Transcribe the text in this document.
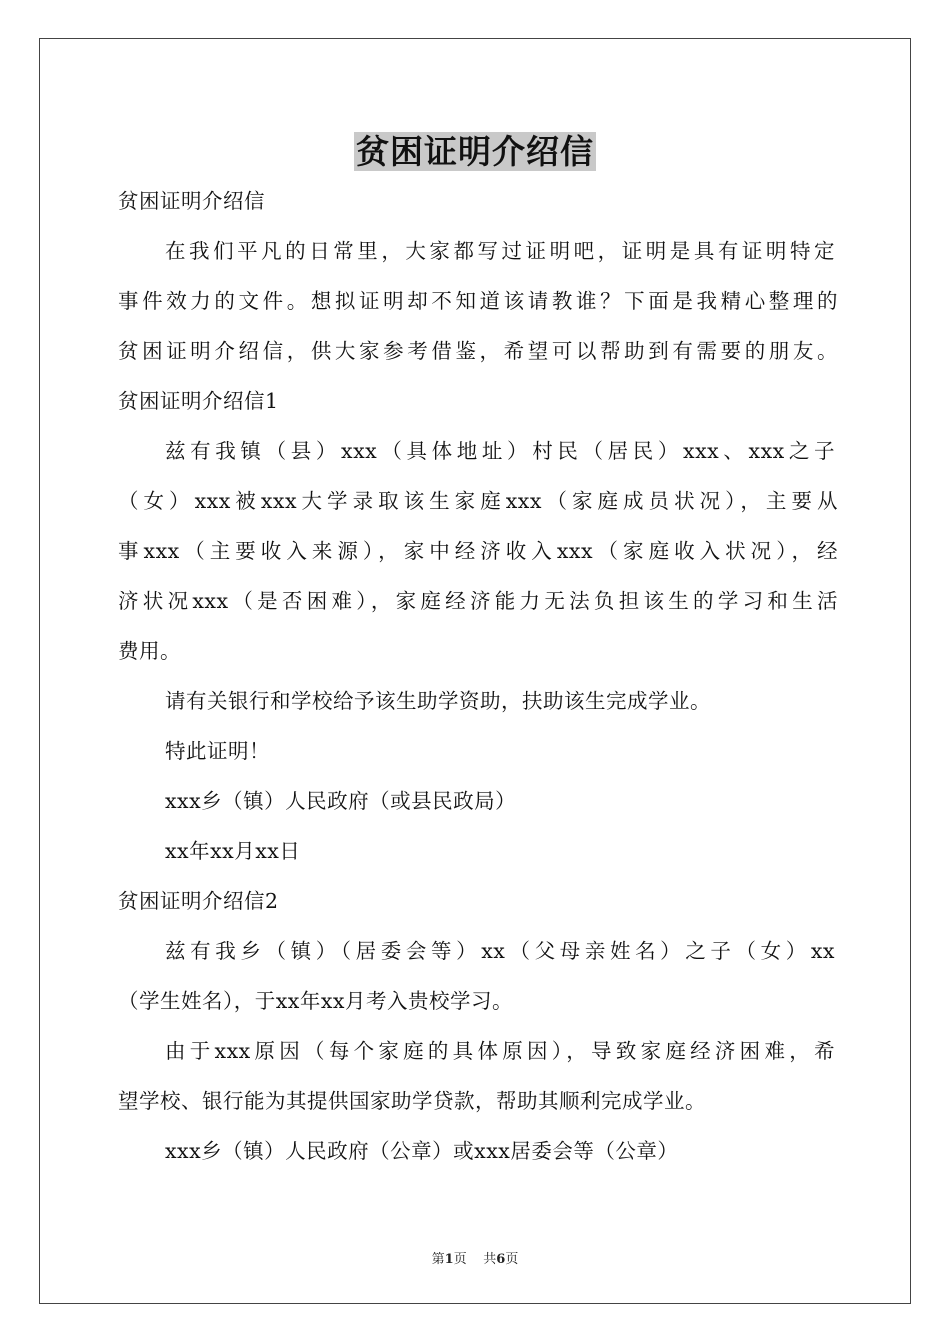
贫困证明介绍信
贫困证明介绍信
在我们平凡的日常里，大家都写过证明吧，证明是具有证明特定
事件效力的文件。想拟证明却不知道该请教谁？下面是我精心整理的
贫困证明介绍信，供大家参考借鉴，希望可以帮助到有需要的朋友。
贫困证明介绍信1
兹有我镇（县）xxx（具体地址）村民（居民）xxx、xxx之子
（女）xxx被xxx大学录取该生家庭xxx（家庭成员状况），主要从
事xxx（主要收入来源），家中经济收入xxx（家庭收入状况），经
济状况xxx（是否困难），家庭经济能力无法负担该生的学习和生活
费用。
请有关银行和学校给予该生助学资助，扶助该生完成学业。
特此证明！
xxx乡（镇）人民政府（或县民政局）
xx年xx月xx日
贫困证明介绍信2
兹有我乡（镇）（居委会等）xx（父母亲姓名）之子（女）xx
（学生姓名），于xx年xx月考入贵校学习。
由于xxx原因（每个家庭的具体原因），导致家庭经济困难，希
望学校、银行能为其提供国家助学贷款，帮助其顺利完成学业。
xxx乡（镇）人民政府（公章）或xxx居委会等（公章）
第1页 共6页
